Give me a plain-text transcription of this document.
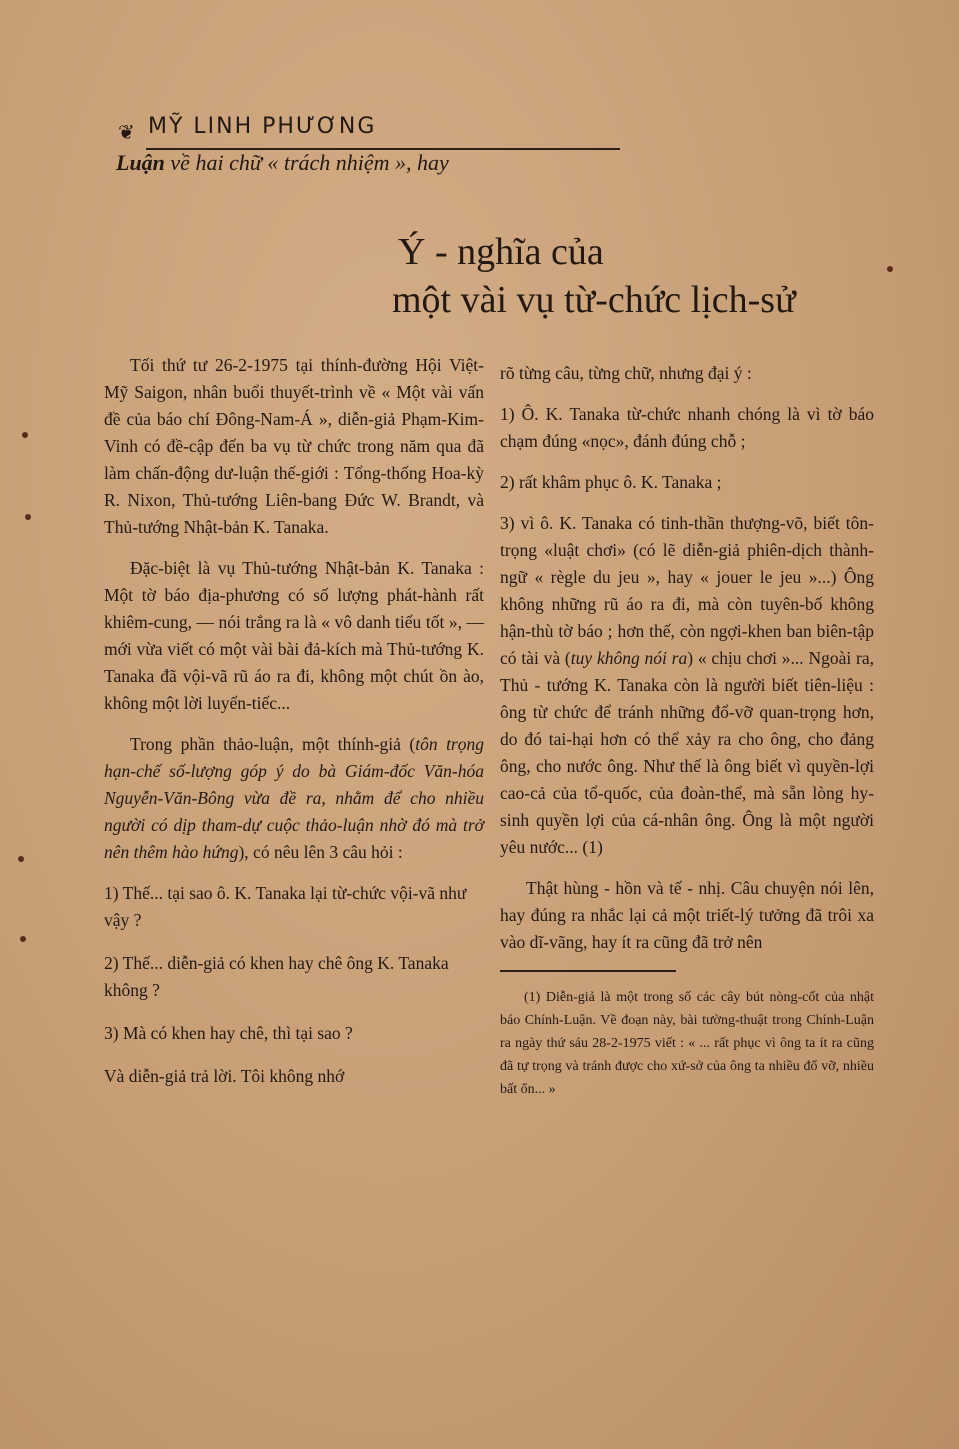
❦ MỸ LINH PHƯƠNG
Luận về hai chữ « trách nhiệm », hay
Ý - nghĩa của
một vài vụ từ-chức lịch-sử

Tối thứ tư 26-2-1975 tại thính-đường Hội Việt-Mỹ Saigon, nhân buổi thuyết-trình về « Một vài vấn đề của báo chí Đông-Nam-Á », diễn-giả Phạm-Kim-Vinh có đề-cập đến ba vụ từ chức trong năm qua đã làm chấn-động dư-luận thế-giới : Tổng-thống Hoa-kỳ R. Nixon, Thủ-tướng Liên-bang Đức W. Brandt, và Thủ-tướng Nhật-bản K. Tanaka.

Đặc-biệt là vụ Thủ-tướng Nhật-bản K. Tanaka : Một tờ báo địa-phương có số lượng phát-hành rất khiêm-cung, — nói trắng ra là « vô danh tiểu tốt », — mới vừa viết có một vài bài đả-kích mà Thủ-tướng K. Tanaka đã vội-vã rũ áo ra đi, không một chút ồn ào, không một lời luyến-tiếc...

Trong phần thảo-luận, một thính-giả (tôn trọng hạn-chế số-lượng góp ý do bà Giám-đốc Văn-hóa Nguyễn-Văn-Bông vừa đề ra, nhằm để cho nhiều người có dịp tham-dự cuộc thảo-luận nhờ đó mà trở nên thêm hào hứng), có nêu lên 3 câu hỏi :

1) Thế... tại sao ô. K. Tanaka lại từ-chức vội-vã như vậy ?

2) Thế... diễn-giả có khen hay chê ông K. Tanaka không ?

3) Mà có khen hay chê, thì tại sao ?

Và diễn-giả trả lời. Tôi không nhớ

rõ từng câu, từng chữ, nhưng đại ý :

1) Ô. K. Tanaka từ-chức nhanh chóng là vì tờ báo chạm đúng «nọc», đánh đúng chỗ ;

2) rất khâm phục ô. K. Tanaka ;

3) vì ô. K. Tanaka có tinh-thần thượng-võ, biết tôn-trọng «luật chơi» (có lẽ diễn-giả phiên-dịch thành-ngữ « règle du jeu », hay « jouer le jeu »...) Ông không những rũ áo ra đi, mà còn tuyên-bố không hận-thù tờ báo ; hơn thế, còn ngợi-khen ban biên-tập có tài và (tuy không nói ra) « chịu chơi »... Ngoài ra, Thủ - tướng K. Tanaka còn là người biết tiên-liệu : ông từ chức để tránh những đổ-vỡ quan-trọng hơn, do đó tai-hại hơn có thể xảy ra cho ông, cho đảng ông, cho nước ông. Như thế là ông biết vì quyền-lợi cao-cả của tổ-quốc, của đoàn-thể, mà sẵn lòng hy-sinh quyền lợi của cá-nhân ông. Ông là một người yêu nước... (1)

Thật hùng - hồn và tế - nhị. Câu chuyện nói lên, hay đúng ra nhắc lại cả một triết-lý tưởng đã trôi xa vào dĩ-vãng, hay ít ra cũng đã trở nên

(1) Diễn-giả là một trong số các cây bút nòng-cốt của nhật báo Chính-Luận. Về đoạn này, bài tường-thuật trong Chính-Luận ra ngày thứ sáu 28-2-1975 viết : « ... rất phục vì ông ta ít ra cũng đã tự trọng và tránh được cho xứ-sở của ông ta nhiều đổ vỡ, nhiều bất ổn... »
